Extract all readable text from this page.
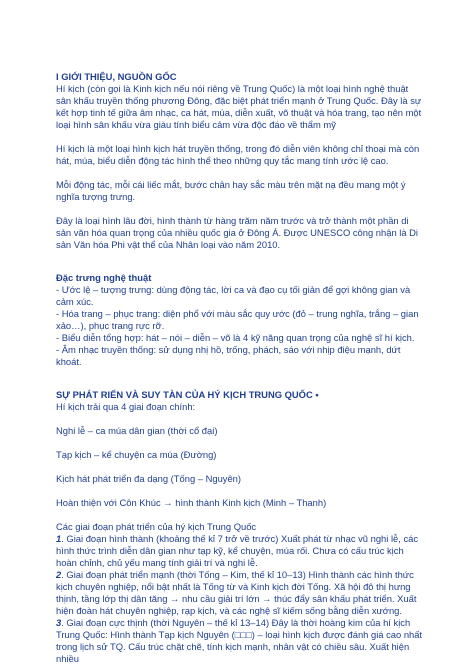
I GIỚI THIỆU, NGUỒN GỐC

Hí kịch (còn gọi là Kinh kịch nếu nói riêng về Trung Quốc) là một loại hình nghệ thuật sân khấu truyền thống phương Đông, đặc biệt phát triển mạnh ở Trung Quốc. Đây là sự kết hợp tinh tế giữa âm nhạc, ca hát, múa, diễn xuất, võ thuật và hóa trang, tạo nên một loại hình sân khấu vừa giàu tính biểu cảm vừa độc đáo về thẩm mỹ

Hí kịch là một loại hình kịch hát truyền thống, trong đó diễn viên không chỉ thoại mà còn hát, múa, biểu diễn động tác hình thể theo những quy tắc mang tính ước lệ cao.

Mỗi động tác, mỗi cái liếc mắt, bước chân hay sắc màu trên mặt nạ đều mang một ý nghĩa tượng trưng.

Đây là loại hình lâu đời, hình thành từ hàng trăm năm trước và trở thành một phần di sản văn hóa quan trọng của nhiều quốc gia ở Đông Á. Được UNESCO công nhận là Di sản Văn hóa Phi vật thể của Nhân loại vào năm 2010.

Đặc trưng nghệ thuật

- Ước lệ – tượng trưng: dùng động tác, lời ca và đạo cụ tối giản để gợi không gian và cảm xúc.

- Hóa trang – phục trang: diện phổ với màu sắc quy ước (đỏ – trung nghĩa, trắng – gian xảo…), phục trang rực rỡ.

- Biểu diễn tổng hợp: hát – nói – diễn – võ là 4 kỹ năng quan trọng của nghệ sĩ hí kịch.

- Âm nhạc truyền thống: sử dụng nhị hồ, trống, phách, sáo với nhịp điệu mạnh, dứt khoát.

SỰ PHÁT RIỂN VÀ SUY TÀN CỦA HÝ KỊCH TRUNG QUỐC •

Hí kịch trải qua 4 giai đoạn chính:

Nghi lễ – ca múa dân gian (thời cổ đại)

Tạp kịch – kể chuyện ca múa (Đường)

Kịch hát phát triển đa dạng (Tống – Nguyên)

Hoàn thiện với Côn Khúc → hình thành Kinh kịch (Minh – Thanh)

Các giai đoạn phát triển của hý kịch Trung Quốc

1. Giai đoạn hình thành (khoảng thế kỉ 7 trở về trước) Xuất phát từ nhạc vũ nghi lễ, các hình thức trình diễn dân gian như tạp kỹ, kể chuyện, múa rối. Chưa có cấu trúc kịch hoàn chỉnh, chủ yếu mang tính giải trí và nghi lễ.

2. Giai đoạn phát triển mạnh (thời Tống – Kim, thế kỉ 10–13) Hình thành các hình thức kịch chuyên nghiệp, nổi bật nhất là Tống từ và Kinh kịch đời Tống. Xã hội đô thị hưng thịnh, tầng lớp thị dân tăng → nhu cầu giải trí lớn → thúc đẩy sân khấu phát triển. Xuất hiện đoàn hát chuyên nghiệp, rạp kịch, và các nghệ sĩ kiếm sống bằng diễn xướng.

3. Giai đoạn cực thịnh (thời Nguyên – thế kỉ 13–14) Đây là thời hoàng kim của hí kịch Trung Quốc: Hình thành Tạp kịch Nguyên (□□□) – loại hình kịch được đánh giá cao nhất trong lịch sử TQ. Cấu trúc chặt chẽ, tính kịch mạnh, nhân vật có chiều sâu. Xuất hiện nhiều
